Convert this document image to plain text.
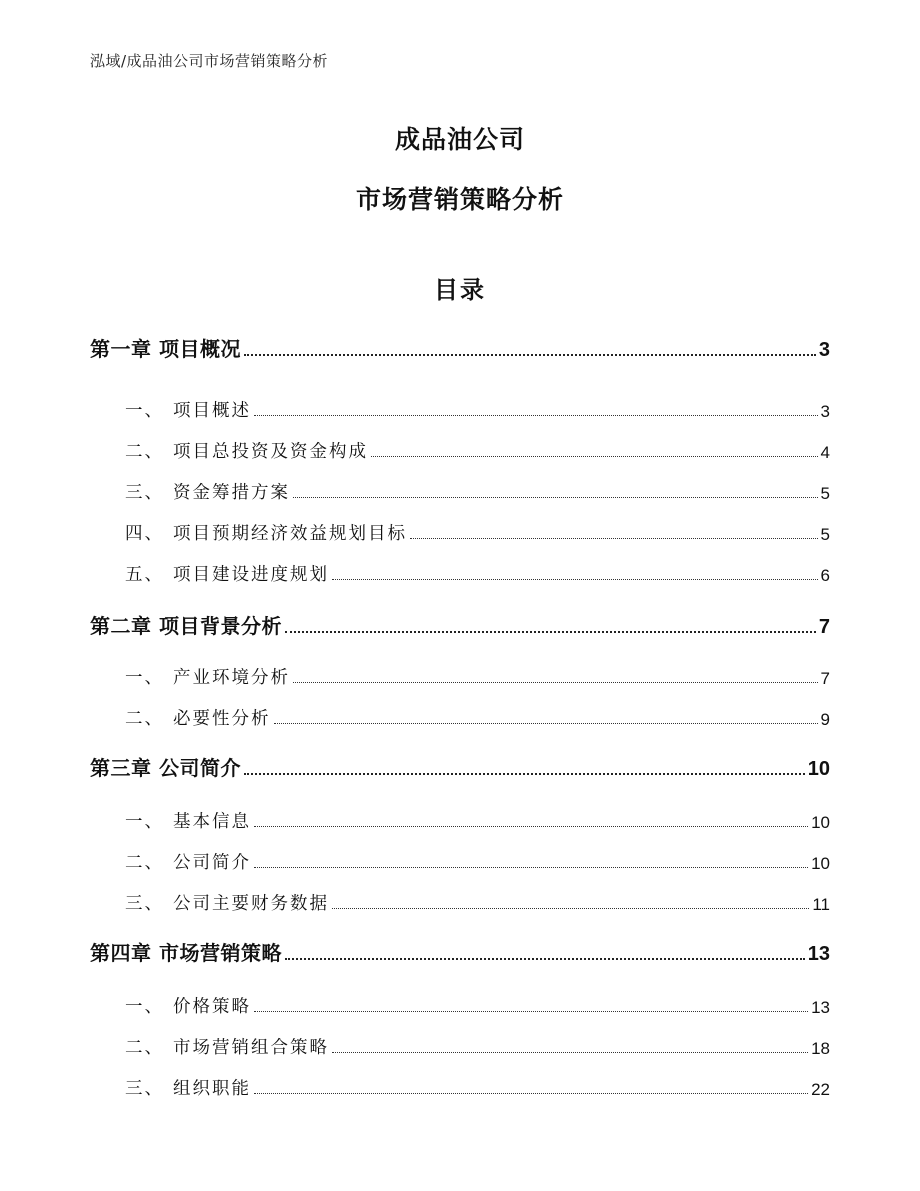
泓域/成品油公司市场营销策略分析
成品油公司
市场营销策略分析
目录
第一章 项目概况	3
一、 项目概述	3
二、 项目总投资及资金构成	4
三、 资金筹措方案	5
四、 项目预期经济效益规划目标	5
五、 项目建设进度规划	6
第二章 项目背景分析	7
一、 产业环境分析	7
二、 必要性分析	9
第三章 公司简介	10
一、 基本信息	10
二、 公司简介	10
三、 公司主要财务数据	11
第四章 市场营销策略	13
一、 价格策略	13
二、 市场营销组合策略	18
三、 组织职能	22
